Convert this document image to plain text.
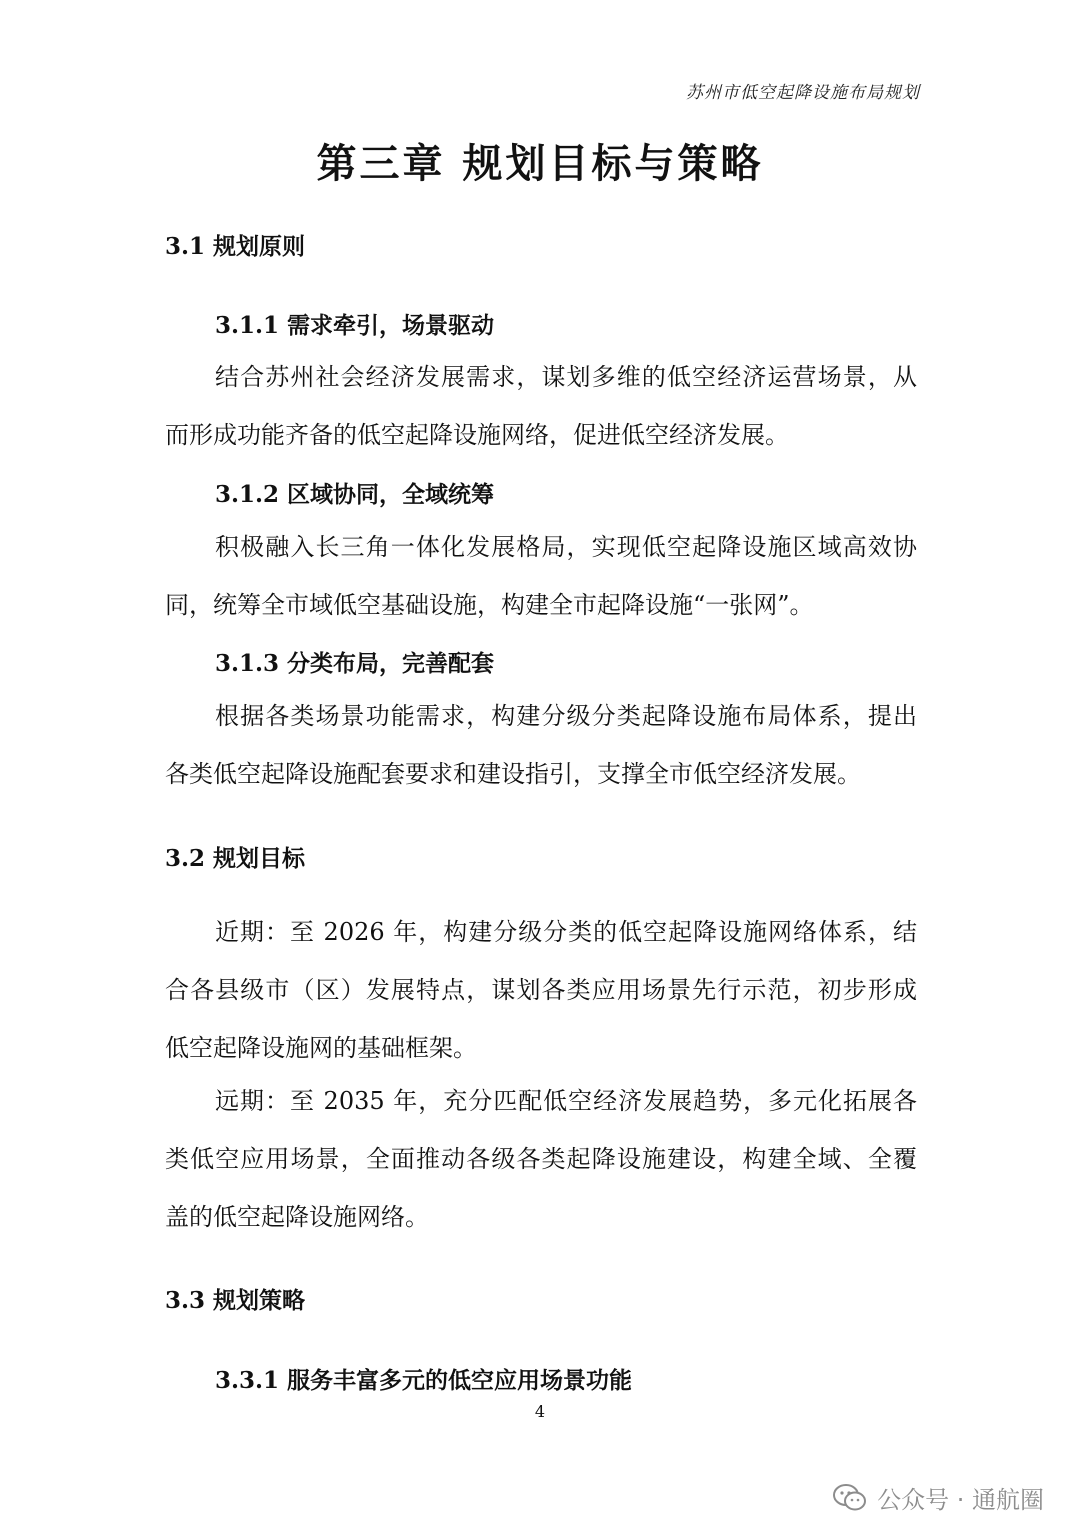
苏州市低空起降设施布局规划
第三章 规划目标与策略
3.1 规划原则
3.1.1 需求牵引，场景驱动
结合苏州社会经济发展需求，谋划多维的低空经济运营场景，从
而形成功能齐备的低空起降设施网络，促进低空经济发展。
3.1.2 区域协同，全域统筹
积极融入长三角一体化发展格局，实现低空起降设施区域高效协
同，统筹全市域低空基础设施，构建全市起降设施“一张网”。
3.1.3 分类布局，完善配套
根据各类场景功能需求，构建分级分类起降设施布局体系，提出
各类低空起降设施配套要求和建设指引，支撑全市低空经济发展。
3.2 规划目标
近期：至 2026 年，构建分级分类的低空起降设施网络体系，结
合各县级市（区）发展特点，谋划各类应用场景先行示范，初步形成
低空起降设施网的基础框架。
远期：至 2035 年，充分匹配低空经济发展趋势，多元化拓展各
类低空应用场景，全面推动各级各类起降设施建设，构建全域、全覆
盖的低空起降设施网络。
3.3 规划策略
3.3.1 服务丰富多元的低空应用场景功能
4
公众号 · 通航圈
